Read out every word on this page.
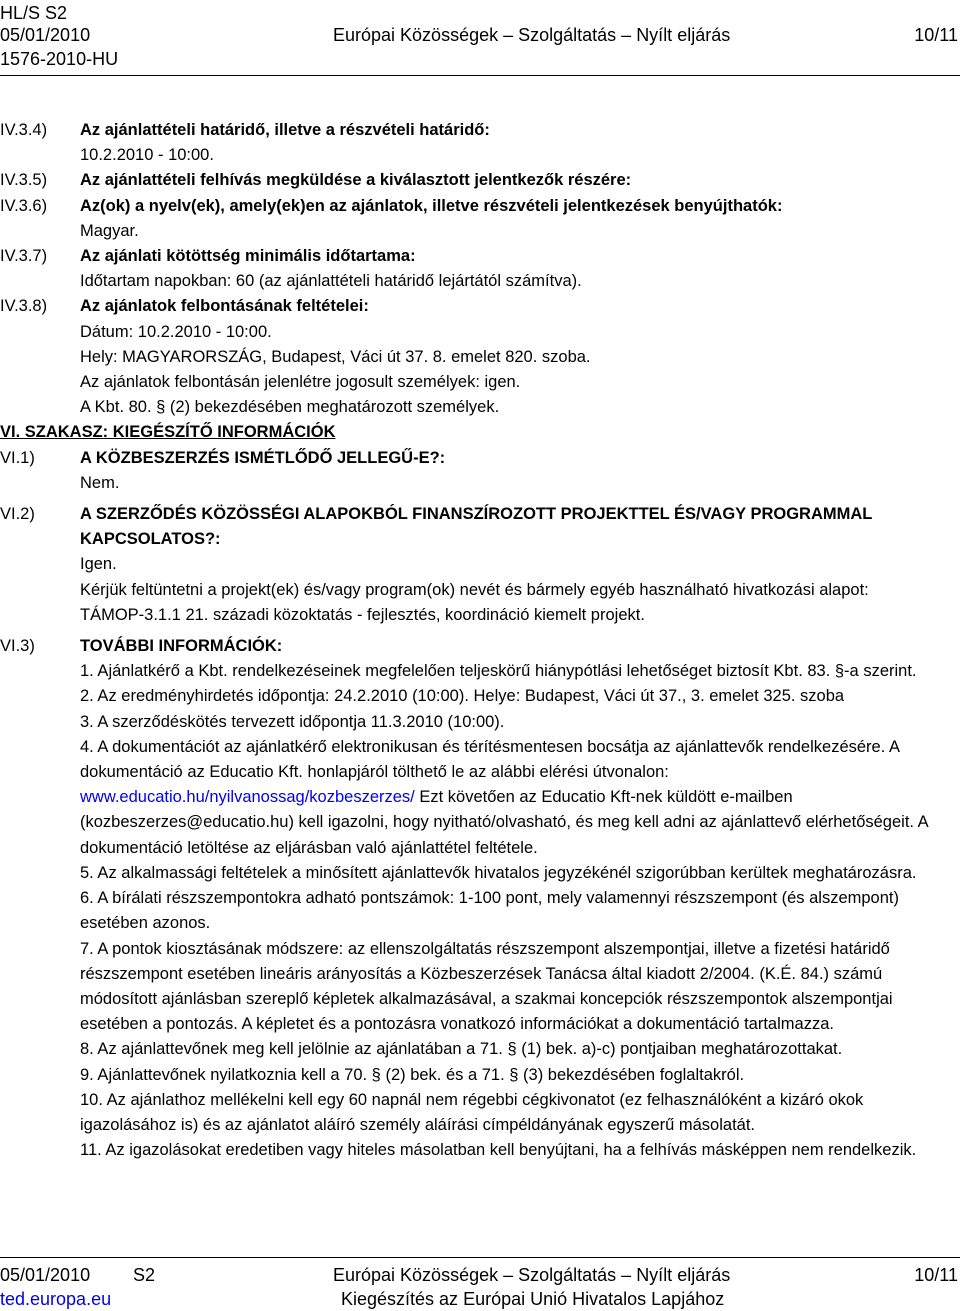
HL/S S2
05/01/2010	Európai Közösségek – Szolgáltatás – Nyílt eljárás	10/11
1576-2010-HU
IV.3.4) Az ajánlattételi határidő, illetve a részvételi határidő:

10.2.2010 - 10:00.

IV.3.5) Az ajánlattételi felhívás megküldése a kiválasztott jelentkezők részére:

IV.3.6) Az(ok) a nyelv(ek), amely(ek)en az ajánlatok, illetve részvételi jelentkezések benyújthatók:

Magyar.

IV.3.7) Az ajánlati kötöttség minimális időtartama:

Időtartam napokban: 60 (az ajánlattételi határidő lejártától számítva).

IV.3.8) Az ajánlatok felbontásának feltételei:

Dátum: 10.2.2010 - 10:00.

Hely: MAGYARORSZÁG, Budapest, Váci út 37. 8. emelet 820. szoba.

Az ajánlatok felbontásán jelenlétre jogosult személyek: igen.

A Kbt. 80. § (2) bekezdésében meghatározott személyek.

VI. SZAKASZ: KIEGÉSZÍTŐ INFORMÁCIÓK

VI.1)	A KÖZBESZERZÉS ISMÉTLŐDŐ JELLEGŰ-E?:

Nem.

VI.2)	A SZERZŐDÉS KÖZÖSSÉGI ALAPOKBÓL FINANSZÍROZOTT PROJEKTTEL ÉS/VAGY PROGRAMMAL KAPCSOLATOS?:

Igen.

Kérjük feltüntetni a projekt(ek) és/vagy program(ok) nevét és bármely egyéb használható hivatkozási alapot:

TÁMOP-3.1.1 21. századi közoktatás - fejlesztés, koordináció kiemelt projekt.

VI.3)	TOVÁBBI INFORMÁCIÓK:

1. Ajánlatkérő a Kbt. rendelkezéseinek megfelelően teljeskörű hiánypótlási lehetőséget biztosít Kbt. 83. §-a szerint.

2. Az eredményhirdetés időpontja: 24.2.2010 (10:00). Helye: Budapest, Váci út 37., 3. emelet 325. szoba

3. A szerződéskötés tervezett időpontja 11.3.2010 (10:00).

4. A dokumentációt az ajánlatkérő elektronikusan és térítésmentesen bocsátja az ajánlattevők rendelkezésére. A dokumentáció az Educatio Kft. honlapjáról tölthető le az alábbi elérési útvonalon: www.educatio.hu/nyilvanossag/kozbeszerzes/ Ezt követően az Educatio Kft-nek küldött e-mailben (kozbeszerzes@educatio.hu) kell igazolni, hogy nyitható/olvasható, és meg kell adni az ajánlattevő elérhetőségeit. A dokumentáció letöltése az eljárásban való ajánlattétel feltétele.

5. Az alkalmassági feltételek a minősített ajánlattevők hivatalos jegyzékénél szigorúbban kerültek meghatározásra.

6. A bírálati részszempontokra adható pontszámok: 1-100 pont, mely valamennyi részszempont (és alszempont) esetében azonos.

7. A pontok kiosztásának módszere: az ellenszolgáltatás részszempont alszempontjai, illetve a fizetési határidő részszempont esetében lineáris arányosítás a Közbeszerzések Tanácsa által kiadott 2/2004. (K.É. 84.) számú módosított ajánlásban szereplő képletek alkalmazásával, a szakmai koncepciók részszempontok alszempontjai esetében a pontozás. A képletet és a pontozásra vonatkozó információkat a dokumentáció tartalmazza.

8. Az ajánlattevőnek meg kell jelölnie az ajánlatában a 71. § (1) bek. a)-c) pontjaiban meghatározottakat.

9. Ajánlattevőnek nyilatkoznia kell a 70. § (2) bek. és a 71. § (3) bekezdésében foglaltakról.

10. Az ajánlathoz mellékelni kell egy 60 napnál nem régebbi cégkivonatot (ez felhasználóként a kizáró okok igazolásához is) és az ajánlatot aláíró személy aláírási címpéldányának egyszerű másolatát.

11. Az igazolásokat eredetiben vagy hiteles másolatban kell benyújtani, ha a felhívás másképpen nem rendelkezik.

05/01/2010 S2	Európai Közösségek – Szolgáltatás – Nyílt eljárás	10/11
ted.europa.eu	Kiegészítés az Európai Unió Hivatalos Lapjához
